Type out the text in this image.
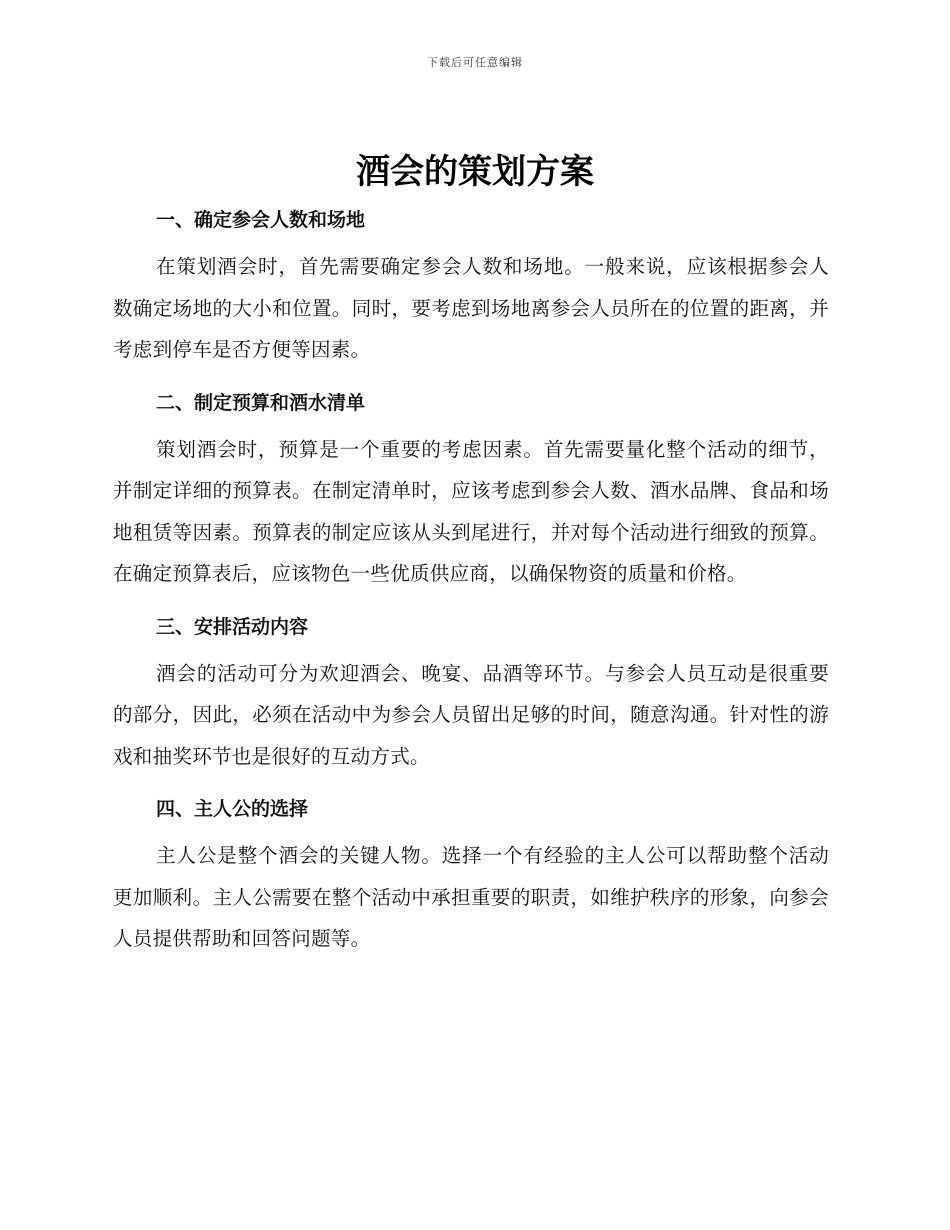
下载后可任意编辑
酒会的策划方案
一、确定参会人数和场地

在策划酒会时，首先需要确定参会人数和场地。一般来说，应该根据参会人数确定场地的大小和位置。同时，要考虑到场地离参会人员所在的位置的距离，并考虑到停车是否方便等因素。

二、制定预算和酒水清单

策划酒会时，预算是一个重要的考虑因素。首先需要量化整个活动的细节，并制定详细的预算表。在制定清单时，应该考虑到参会人数、酒水品牌、食品和场地租赁等因素。预算表的制定应该从头到尾进行，并对每个活动进行细致的预算。在确定预算表后，应该物色一些优质供应商，以确保物资的质量和价格。

三、安排活动内容

酒会的活动可分为欢迎酒会、晚宴、品酒等环节。与参会人员互动是很重要的部分，因此，必须在活动中为参会人员留出足够的时间，随意沟通。针对性的游戏和抽奖环节也是很好的互动方式。

四、主人公的选择

主人公是整个酒会的关键人物。选择一个有经验的主人公可以帮助整个活动更加顺利。主人公需要在整个活动中承担重要的职责，如维护秩序的形象，向参会人员提供帮助和回答问题等。
